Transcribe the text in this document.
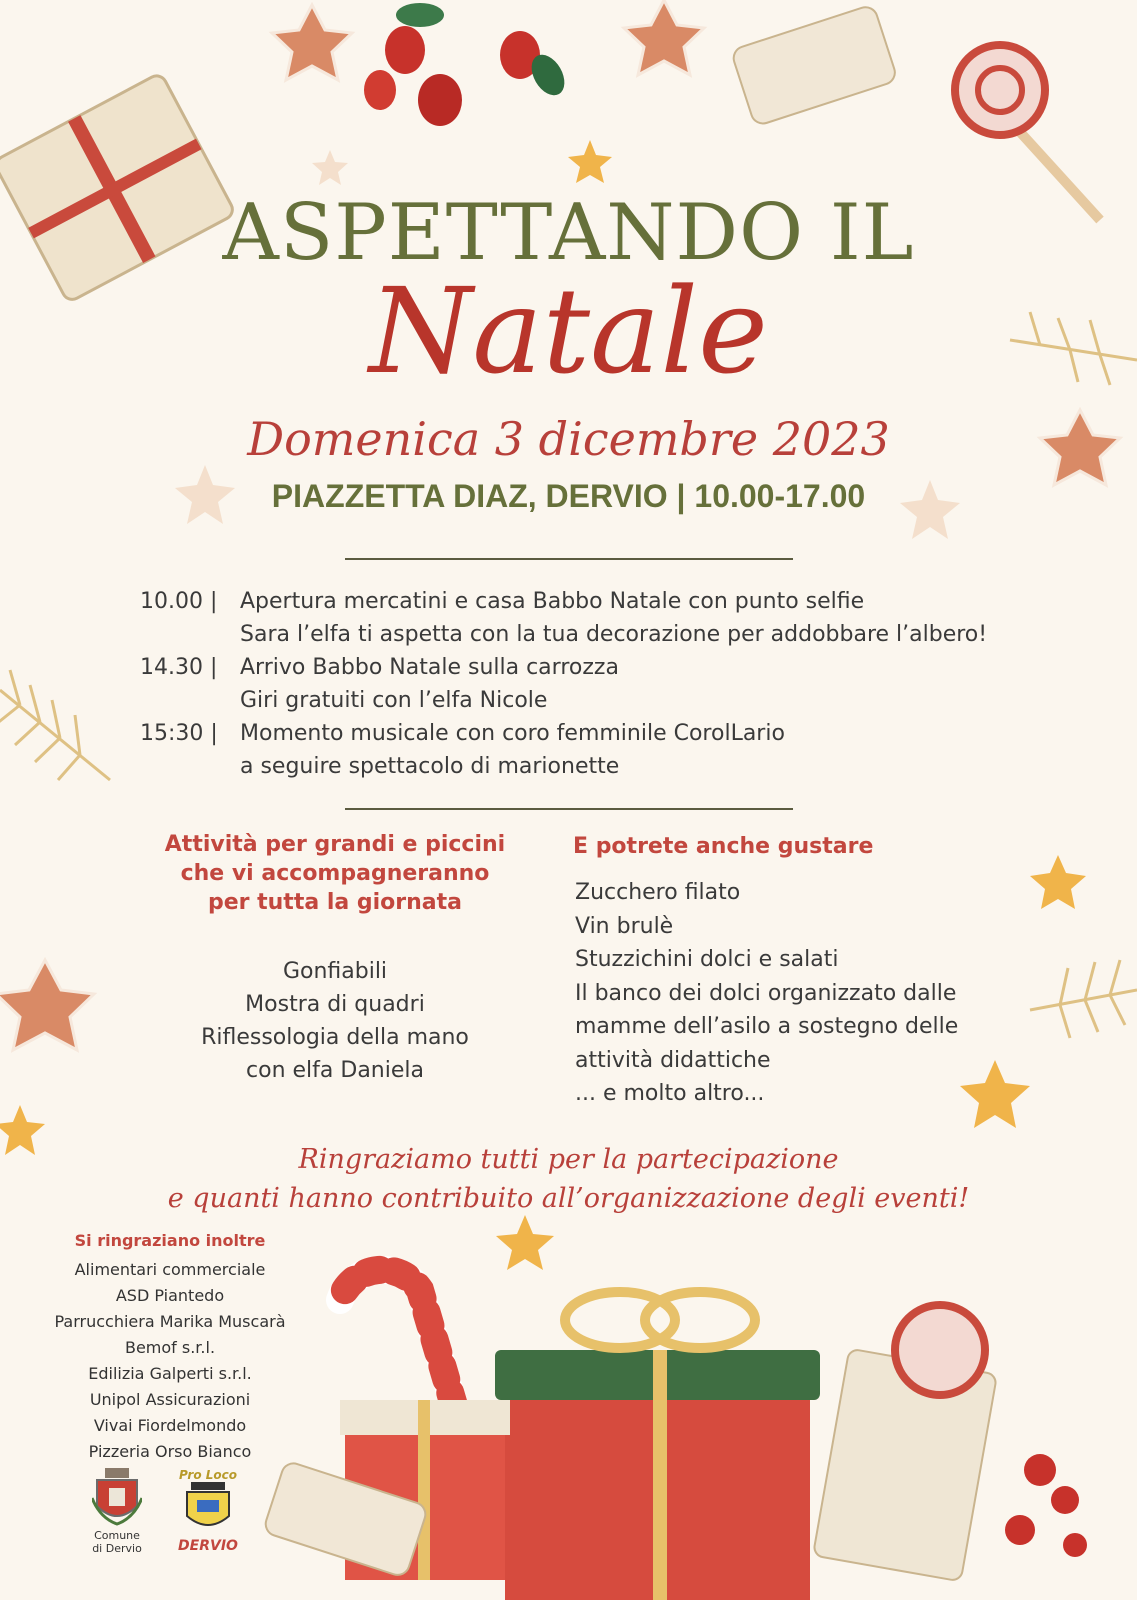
ASPETTANDO IL
Natale
Domenica 3 dicembre 2023
PIAZZETTA DIAZ, DERVIO | 10.00-17.00
10.00 |	Apertura mercatini e casa Babbo Natale con punto selfie
Sara l’elfa ti aspetta con la tua decorazione per addobbare l’albero!
14.30 |	Arrivo Babbo Natale sulla carrozza
Giri gratuiti con l’elfa Nicole
15:30 |	Momento musicale con coro femminile CorolLario
a seguire spettacolo di marionette
Attività per grandi e piccini
che vi accompagneranno
per tutta la giornata
Gonfiabili
Mostra di quadri
Riflessologia della mano
con elfa Daniela
E potrete anche gustare
Zucchero filato
Vin brulè
Stuzzichini dolci e salati
Il banco dei dolci organizzato dalle
mamme dell’asilo a sostegno delle
attività didattiche
... e molto altro...
Ringraziamo tutti per la partecipazione
e quanti hanno contribuito all’organizzazione degli eventi!
Si ringraziano inoltre
Alimentari commerciale
ASD Piantedo
Parrucchiera Marika Muscarà
Bemof s.r.l.
Edilizia Galperti s.r.l.
Unipol Assicurazioni
Vivai Fiordelmondo
Pizzeria Orso Bianco
Comune
di Dervio
Pro Loco
DERVIO
